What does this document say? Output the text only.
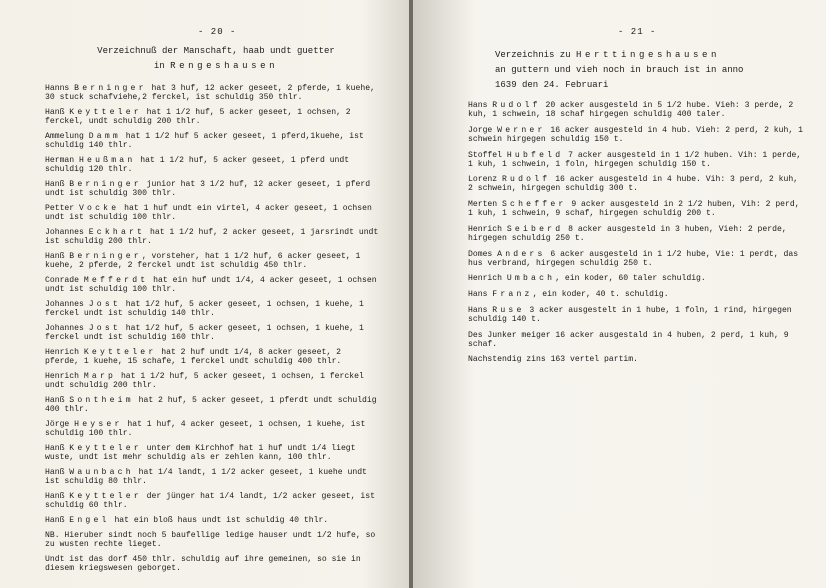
- 20 -
Verzeichnuß der Manschaft, haab undt guetter
in Rengeshausen
Hanns Berninger hat 3 huf, 12 acker geseet, 2 pferde, 1 kuehe, 30 stuck schafviehe,2 ferckel, ist schuldig 350 thlr.
Hanß Keytteler hat 1 1/2 huf, 5 acker geseet, 1 ochsen, 2 ferckel, undt schuldig 200 thlr.
Ammelung Damm hat 1 1/2 huf 5 acker geseet, 1 pferd,1kuehe, ist schuldig 140 thlr.
Herman Heußman hat 1 1/2 huf, 5 acker geseet, 1 pferd undt schuldig 120 thlr.
Hanß Berninger junior hat 3 1/2 huf, 12 acker geseet, 1 pferd undt ist schuldig 300 thlr.
Petter Vocke hat 1 huf undt ein virtel, 4 acker geseet, 1 ochsen undt ist schuldig 100 thlr.
Johannes Eckhart hat 1 1/2 huf, 2 acker geseet, 1 jarsrindt undt ist schuldig 200 thlr.
Hanß Berninger, vorsteher, hat 1 1/2 huf, 6 acker geseet, 1 kuehe, 2 pferde, 2 ferckel undt ist schuldig 450 thlr.
Conrade Mefferdt hat ein huf undt 1/4, 4 acker geseet, 1 ochsen undt ist schuldig 100 thlr.
Johannes Jost hat 1/2 huf, 5 acker geseet, 1 ochsen, 1 kuehe, 1 ferckel undt ist schuldig 140 thlr.
Johannes Jost hat 1/2 huf, 5 acker geseet, 1 ochsen, 1 kuehe, 1 ferckel undt ist schuldig 160 thlr.
Henrich Keytteler hat 2 huf undt 1/4, 8 acker geseet, 2 pferde, 1 kuehe, 15 schafe, 1 ferckel undt schuldig 400 thlr.
Henrich Marp hat 1 1/2 huf, 5 acker geseet, 1 ochsen, 1 ferckel undt schuldig 200 thlr.
Hanß Sontheim hat 2 huf, 5 acker geseet, 1 pferdt undt schuldig 400 thlr.
Jörge Heyser hat 1 huf, 4 acker geseet, 1 ochsen, 1 kuehe, ist schuldig 100 thlr.
Hanß Keytteler unter dem Kirchhof hat 1 huf undt 1/4 liegt wuste, undt ist mehr schuldig als er zehlen kann, 100 thlr.
Hanß Waunbach hat 1/4 landt, 1 1/2 acker geseet, 1 kuehe undt ist schuldig 80 thlr.
Hanß Keytteler der jünger hat 1/4 landt, 1/2 acker geseet, ist schuldig 60 thlr.
Hanß Engel hat ein bloß haus undt ist schuldig 40 thlr.
NB. Hieruber sindt noch 5 baufellige ledige hauser undt 1/2 hufe, so zu wusten rechte lieget.
Undt ist das dorf 450 thlr. schuldig auf ihre gemeinen, so sie in diesem kriegswesen geborget.
- 21 -
Verzeichnis zu Herttingeshausen
an guttern und vieh noch in brauch ist in anno
1639 den 24. Februari
Hans Rudolf 20 acker ausgesteld in 5 1/2 hube. Vieh: 3 perde, 2 kuh, 1 schwein, 18 schaf hirgegen schuldig 400 taler.
Jorge Werner 16 acker ausgesteld in 4 hub. Vieh: 2 perd, 2 kuh, 1 schwein hirgegen schuldig 150 t.
Stoffel Hubfeld 7 acker ausgesteld in 1 1/2 huben. Vih: 1 perde, 1 kuh, 1 schwein, 1 foln, hirgegen schuldig 150 t.
Lorenz Rudolf 16 acker ausgesteld in 4 hube. Vih: 3 perd, 2 kuh, 2 schwein, hirgegen schuldig 300 t.
Merten Scheffer 9 acker ausgesteld in 2 1/2 huben, Vih: 2 perd, 1 kuh, 1 schwein, 9 schaf, hirgegen schuldig 200 t.
Henrich Seiberd 8 acker ausgesteld in 3 huben, Vieh: 2 perde, hirgegen schuldig 250 t.
Domes Anders 6 acker ausgesteld in 1 1/2 hube, Vie: 1 perdt, das hus verbrand, hirgegen schuldig 250 t.
Henrich Umbach, ein koder, 60 taler schuldig.
Hans Franz, ein koder, 40 t. schuldig.
Hans Ruse 3 acker ausgestelt in 1 hube, 1 foln, 1 rind, hirgegen schuldig 140 t.
Des Junker meiger 16 acker ausgestald in 4 huben, 2 perd, 1 kuh, 9 schaf.
Nachstendig zins 163 vertel partim.
